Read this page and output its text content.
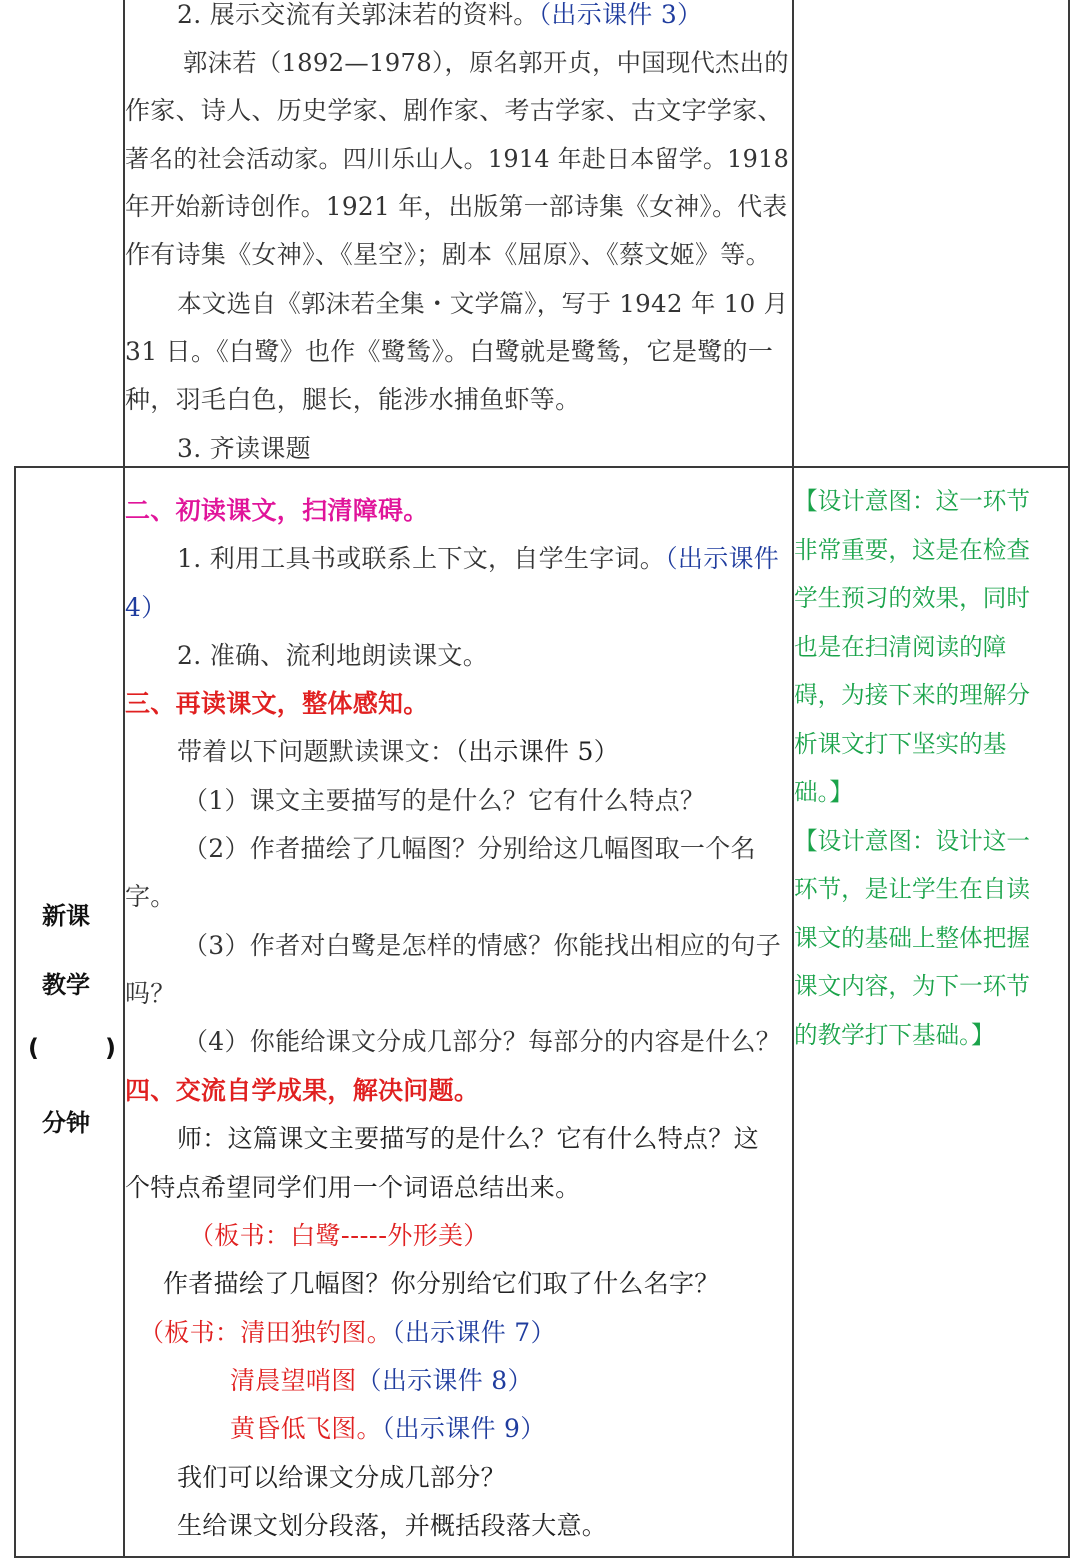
2. 展示交流有关郭沫若的资料。（出示课件 3）
郭沫若（1892—1978），原名郭开贞，中国现代杰出的
作家、诗人、历史学家、剧作家、考古学家、古文字学家、
著名的社会活动家。四川乐山人。1914 年赴日本留学。1918
年开始新诗创作。1921 年，出版第一部诗集《女神》。代表
作有诗集《女神》、《星空》；剧本《屈原》、《蔡文姬》等。
本文选自《郭沫若全集・文学篇》，写于 1942 年 10 月
31 日。《白鹭》也作《鹭鸶》。白鹭就是鹭鸶，它是鹭的一
种，羽毛白色，腿长，能涉水捕鱼虾等。
3. 齐读课题
新课
教学
(	)
分钟
二、初读课文，扫清障碍。
1. 利用工具书或联系上下文，自学生字词。（出示课件
4）
2. 准确、流利地朗读课文。
三、再读课文，整体感知。
带着以下问题默读课文：（出示课件 5）
（1）课文主要描写的是什么？它有什么特点？
（2）作者描绘了几幅图？分别给这几幅图取一个名
字。
（3）作者对白鹭是怎样的情感？你能找出相应的句子
吗？
（4）你能给课文分成几部分？每部分的内容是什么？
四、交流自学成果，解决问题。
师：这篇课文主要描写的是什么？它有什么特点？这
个特点希望同学们用一个词语总结出来。
（板书：白鹭-----外形美）
作者描绘了几幅图？你分别给它们取了什么名字？
（板书：清田独钓图。（出示课件 7）
清晨望哨图（出示课件 8）
黄昏低飞图。（出示课件 9）
我们可以给课文分成几部分？
生给课文划分段落，并概括段落大意。
【设计意图：这一环节
非常重要，这是在检查
学生预习的效果，同时
也是在扫清阅读的障
碍，为接下来的理解分
析课文打下坚实的基
础。】
【设计意图：设计这一
环节，是让学生在自读
课文的基础上整体把握
课文内容，为下一环节
的教学打下基础。】
